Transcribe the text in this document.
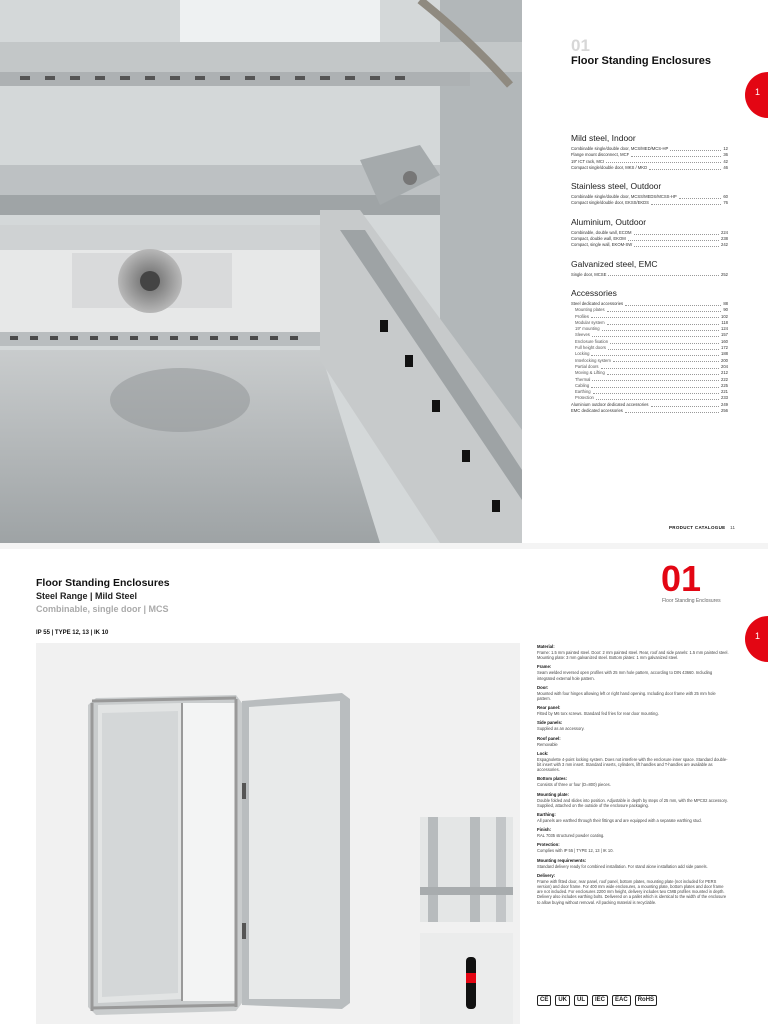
01
Floor Standing Enclosures
1
Mild steel, Indoor
Combinable single/double door, MCS/MED/MCS-HP	12
Flange mount disconnect, MCF	36
19" ICT rack, MCI	42
Compact single/double door, MKS / MKD	46
Stainless steel, Outdoor
Combinable single/double door, MCSS/MEDS/MCSS-HP	60
Compact single/double door, EKSS/EKDS	76
Aluminium, Outdoor
Combinable, double wall, ECOM	224
Compact, double wall, EKOM	238
Compact, single wall, EKOM-SW	242
Galvanized steel, EMC
Single door, MCSE	252
Accessories
Steel dedicated accessories	88
Mounting plates	90
Profiles	102
Modular system	118
19" mounting	124
Sleeves	157
Enclosure fixation	160
Full height doors	172
Locking	188
Interlocking system	200
Partial doors	204
Moving & Lifting	212
Thermal	222
Cabling	225
Earthing	221
Protection	233
Aluminium outdoor dedicated accessories	249
EMC dedicated accessories	256
PRODUCT CATALOGUE 11
Floor Standing Enclosures
Steel Range | Mild Steel
Combinable, single door | MCS
01
Floor Standing Enclosures
IP 55 | TYPE 12, 13 | IK 10	1
Material:
Frame: 1.5 mm painted steel. Door: 2 mm painted steel. Rear, roof and side panels: 1.5 mm painted steel. Mounting plate: 3 mm galvanized steel. Bottom plates: 1 mm galvanized steel.
Frame:
Seam welded reversed open profiles with 25 mm hole pattern, according to DIN 43660. Including integrated external hole pattern.
Door:
Mounted with four hinges allowing left or right hand opening. Including door frame with 25 mm hole pattern.
Rear panel:
Fitted by M6 torx screws. Standard fed fries for rear door mounting.
Side panels:
Supplied as an accessory.
Roof panel:
Removable
Lock:
Espagnolette 4-point locking system. Does not interfere with the enclosure inner space. Standard double-bit insert with 3 mm insert. Standard inserts, cylinders, lift handles and T-handles are available as accessories.
Bottom plates:
Consists of three or four (D=800) pieces.
Mounting plate:
Double folded and slides into position. Adjustable in depth by steps of 25 mm, with the MPC02 accessory. Supplied, attached on the outside of the enclosure packaging.
Earthing:
All panels are earthed through their fittings and are equipped with a separate earthing stud.
Finish:
RAL 7035 structured powder coating.
Protection:
Complies with IP 55 | TYPE 12, 13 | IK 10.
Mounting requirements:
Standard delivery ready for combined installation. For stand alone installation add side panels.
Delivery:
Frame with fitted door, rear panel, roof panel, bottom plates, mounting plate (not included for PERS version) and door frame. For 400 mm wide enclosures, a mounting plate, bottom plates and door frame are not included. For enclosures 2200 mm height, delivery includes two CMB profiles mounted in depth. Delivery also includes earthing bolts. Delivered on a pallet which is identical to the width of the enclosure to allow buying without removal. All packing material is recyclable.
CE	UK	UL	IEC	EAC	RoHS
